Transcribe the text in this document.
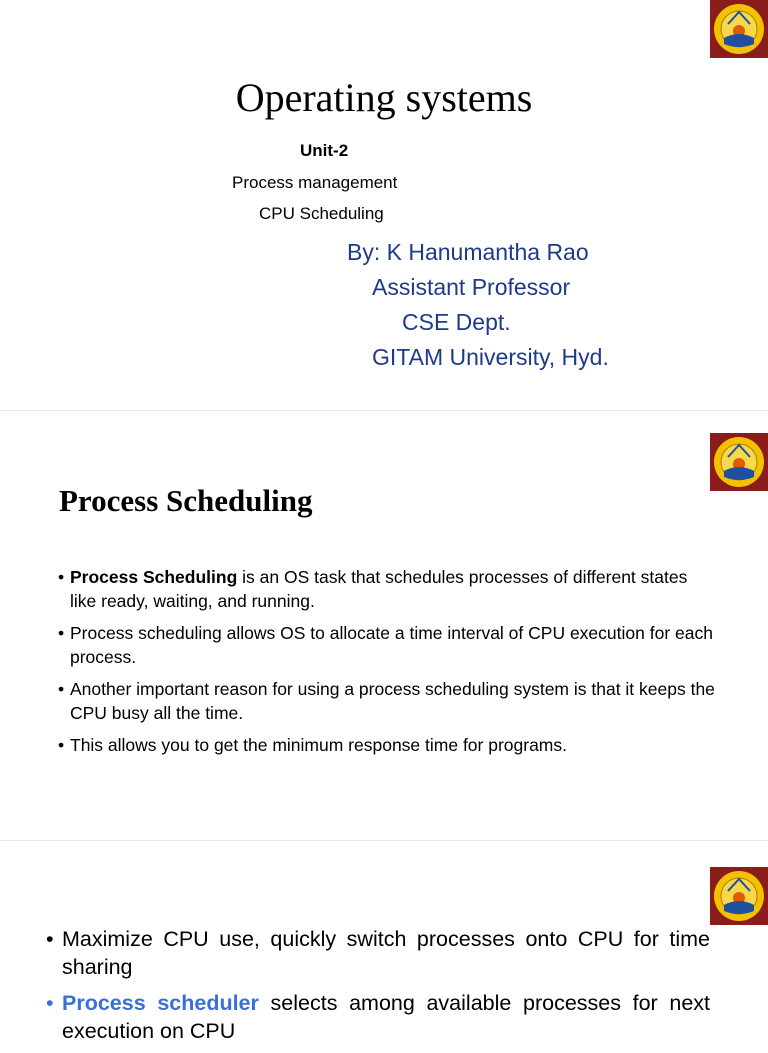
Operating systems
Unit-2
Process management
CPU Scheduling
By: K Hanumantha Rao
Assistant Professor
CSE Dept.
GITAM University, Hyd.
Process Scheduling
• Process Scheduling is an OS task that schedules processes of different states like ready, waiting, and running.
• Process scheduling allows OS to allocate a time interval of CPU execution for each process.
• Another important reason for using a process scheduling system is that it keeps the CPU busy all the time.
• This allows you to get the minimum response time for programs.
• Maximize CPU use, quickly switch processes onto CPU for time sharing
• Process scheduler selects among available processes for next execution on CPU
